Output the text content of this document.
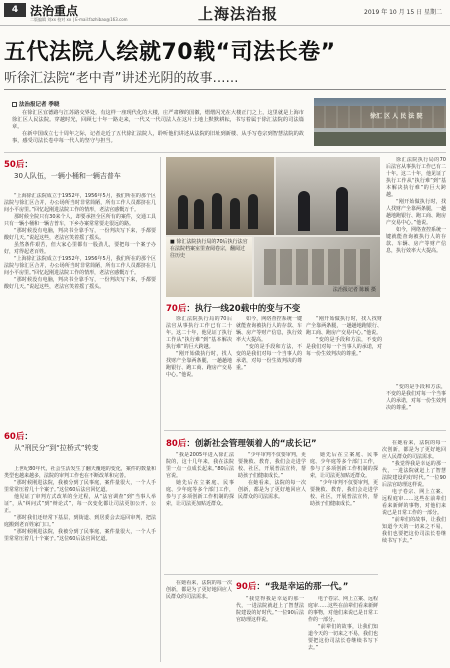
4 法治重点
二版编辑 刘xx 校对 xx | E-mail:fazhibao@163.com	上海法治报	2019 年 10 月 15 日 星期二
五代法院人绘就70载“司法长卷”
听徐汇法院“老中青”讲述光阴的故事……
法治报记者 季晓

在徐汇区宜德路与江苏路交界处，有这样一座现代化的大楼，庄严肃穆的国徽，熠熠闪光在大楼正门之上，这里就是上海市徐汇区人民法院。穿越时光，回顾七十年一路走来，一代又一代司法人在这片土地上默默耕耘，书写着属于徐汇法院的司法篇章。

在新中国成立七十周年之际，记者走近了五代徐汇法院人，聆听他们讲述从法院的旧址到新楼、从手写卷宗到智慧法院的故事，感受司法长卷中每一代人的坚守与担当。

徐汇 区 人 民 法 院
50后：
30人队伍，一辆小桶和一辆吉普车

“上海徐汇法院成立于1952年，1956年5月，我们所在的那个区法院与徐汇区合并，办公场所当时非常简陋，所有工作人员都挤在几间小平房里。”回忆起刚进法院工作的情形，老法官感慨万千。

那时候全院只有30来个人，却要承担全区所有的案件，交通工具只有一辆小桶和一辆吉普车，下乡办案常常要走很远的路。

“那时候没有电脑，判决书全靠手写，一份判决写下来，手都要酸好几天。”说起这些，老法官笑着摇了摇头。

虽然条件艰苦，但大家心里都有一股劲儿，要把每一个案子办好，对得起老百姓。

“上海徐汇法院成立于1952年，1956年5月，我们所在的那个区法院与徐汇区合并，办公场所当时非常简陋，所有工作人员都挤在几间小平房里。”回忆起刚进法院工作的情形，老法官感慨万千。

“那时候没有电脑，判决书全靠手写，一份判决写下来，手都要酸好几天。”说起这些，老法官笑着摇了摇头。

60后：
从“刑民分”到“拉桥式”转变

上世纪80年代，社会生活发生了翻天覆地的变化，案件的数量和类型也越来越多，法院的审判工作也在不断改革和完善。

“那时候刚进法院，我被分到了民事庭，案件量很大，一个人手里常常压着几十个案子。”这位60后法官回忆道。

他见证了审判方式改革的全过程，从“法官调查”到“当事人举证”，从“纠问式”到“辩论式”，每一次变化都让司法更加公开、公正。

“那时我们还经常下基层，到街道、到居委会去巡回审判，把法庭搬到老百姓家门口。”

“那时候刚进法院，我被分到了民事庭，案件量很大，一个人手里常常压着几十个案子。”这位60后法官回忆道。

■ 徐汇法院执行局的70后执行法官在法院档案室里查阅卷宗，翻阅过往历史
法治报记者 陈颖 摄

徐汇法院执行局的70后法官从事执行工作已有二十年。这二十年，他见证了执行工作从“执行难”到“基本解决执行难”的巨大跨越。

“刚开始做执行时，找人找财产全靠两条腿，一趟趟地跑银行、跑工商、跑房产交易中心。”他说。

如今，网络查控系统一键就能查询被执行人的存款、车辆、房产等财产信息，执行效率大大提高。

70后：执行一线20载中的变与不变

徐汇法院执行局的70后法官从事执行工作已有二十年。这二十年，他见证了执行工作从“执行难”到“基本解决执行难”的巨大跨越。

“刚开始做执行时，找人找财产全靠两条腿，一趟趟地跑银行、跑工商、跑房产交易中心。”他说。

如今，网络查控系统一键就能查询被执行人的存款、车辆、房产等财产信息，执行效率大大提高。

“变的是手段和方法，不变的是我们对每一个当事人的承诺，对每一份生效判决的尊重。”

“刚开始做执行时，找人找财产全靠两条腿，一趟趟地跑银行、跑工商、跑房产交易中心。”他说。

“变的是手段和方法，不变的是我们对每一个当事人的承诺，对每一份生效判决的尊重。”

“变的是手段和方法，不变的是我们对每一个当事人的承诺，对每一份生效判决的尊重。”

80后：创新社会管理领着人的“成长记”

“我是2005年进入徐汇法院的，这十几年来，我在法院里一点一点成长起来。”80后法官说。

她先后在立案庭、民事庭、少年庭等多个部门工作，参与了多项创新工作机制的探索，让司法更加贴近群众。

“少年审判不仅要审判，更要挽救、教育，我们会走进学校、社区，开展普法宣传，帮助孩子们健康成长。”

在她看来，法院的每一次创新，都是为了更好地回应人民群众的司法需求。

她先后在立案庭、民事庭、少年庭等多个部门工作，参与了多项创新工作机制的探索，让司法更加贴近群众。

“少年审判不仅要审判，更要挽救、教育，我们会走进学校、社区，开展普法宣传，帮助孩子们健康成长。”

在她看来，法院的每一次创新，都是为了更好地回应人民群众的司法需求。

“我觉得我是幸运的那一代，一进法院就赶上了智慧法院建设的好时代。”一位90后法官助理这样说。

电子卷宗、网上立案、远程庭审……这些在前辈们看来新鲜的事物，对他们来说已是日常工作的一部分。

“前辈们的故事，让我们知道今天的一切来之不易，我们也要把这份司法长卷继续书写下去。”

90后：“我是幸运的那一代。”

在她看来，法院的每一次创新，都是为了更好地回应人民群众的司法需求。	“我觉得我是幸运的那一代，一进法院就赶上了智慧法院建设的好时代。”一位90后法官助理这样说。

电子卷宗、网上立案、远程庭审……这些在前辈们看来新鲜的事物，对他们来说已是日常工作的一部分。

“前辈们的故事，让我们知道今天的一切来之不易，我们也要把这份司法长卷继续书写下去。”
